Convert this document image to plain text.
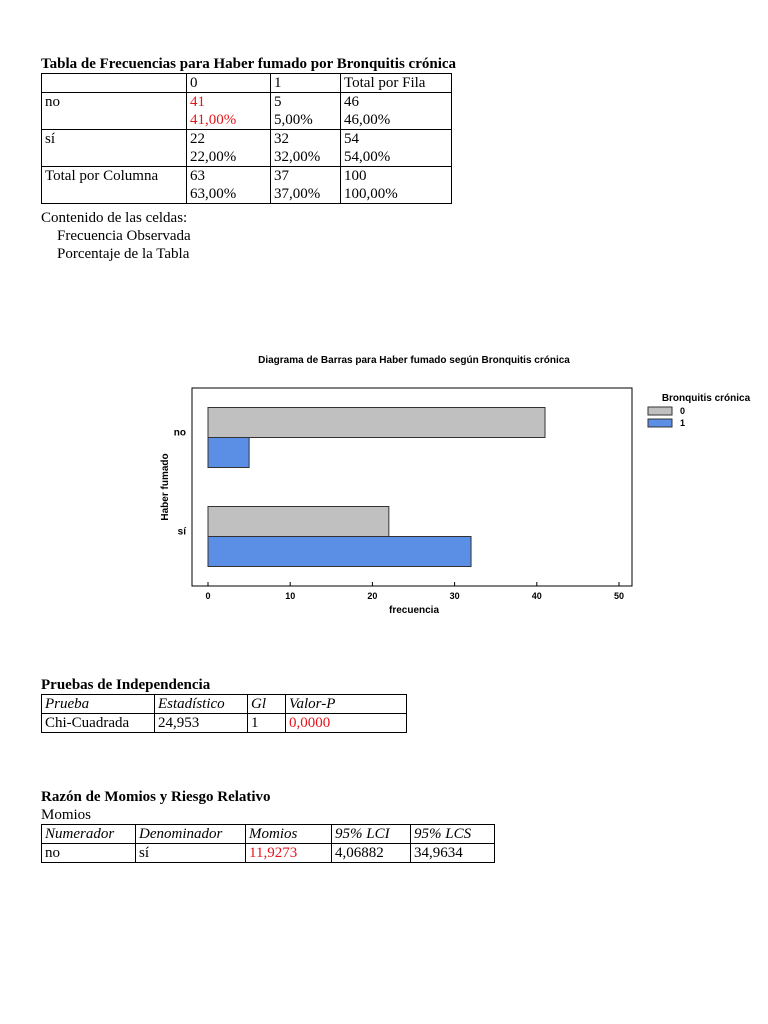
Tabla de Frecuencias para Haber fumado por Bronquitis crónica
	0	1	Total por Fila
no	41	5	46
	41,00%	5,00%	46,00%
sí	22	32	54
	22,00%	32,00%	54,00%
Total por Columna	63	37	100
	63,00%	37,00%	100,00%
Contenido de las celdas:
Frecuencia Observada
Porcentaje de la Tabla
Diagrama de Barras para Haber fumado según Bronquitis crónica
no
sí
0	10	20	30	40	50
frecuencia
Haber fumado
Bronquitis crónica
0
1
Pruebas de Independencia
Prueba	Estadístico	Gl	Valor-P
Chi-Cuadrada	24,953	1	0,0000
Razón de Momios y Riesgo Relativo
Momios
Numerador	Denominador	Momios	95% LCI	95% LCS
no	sí	11,9273	4,06882	34,9634
